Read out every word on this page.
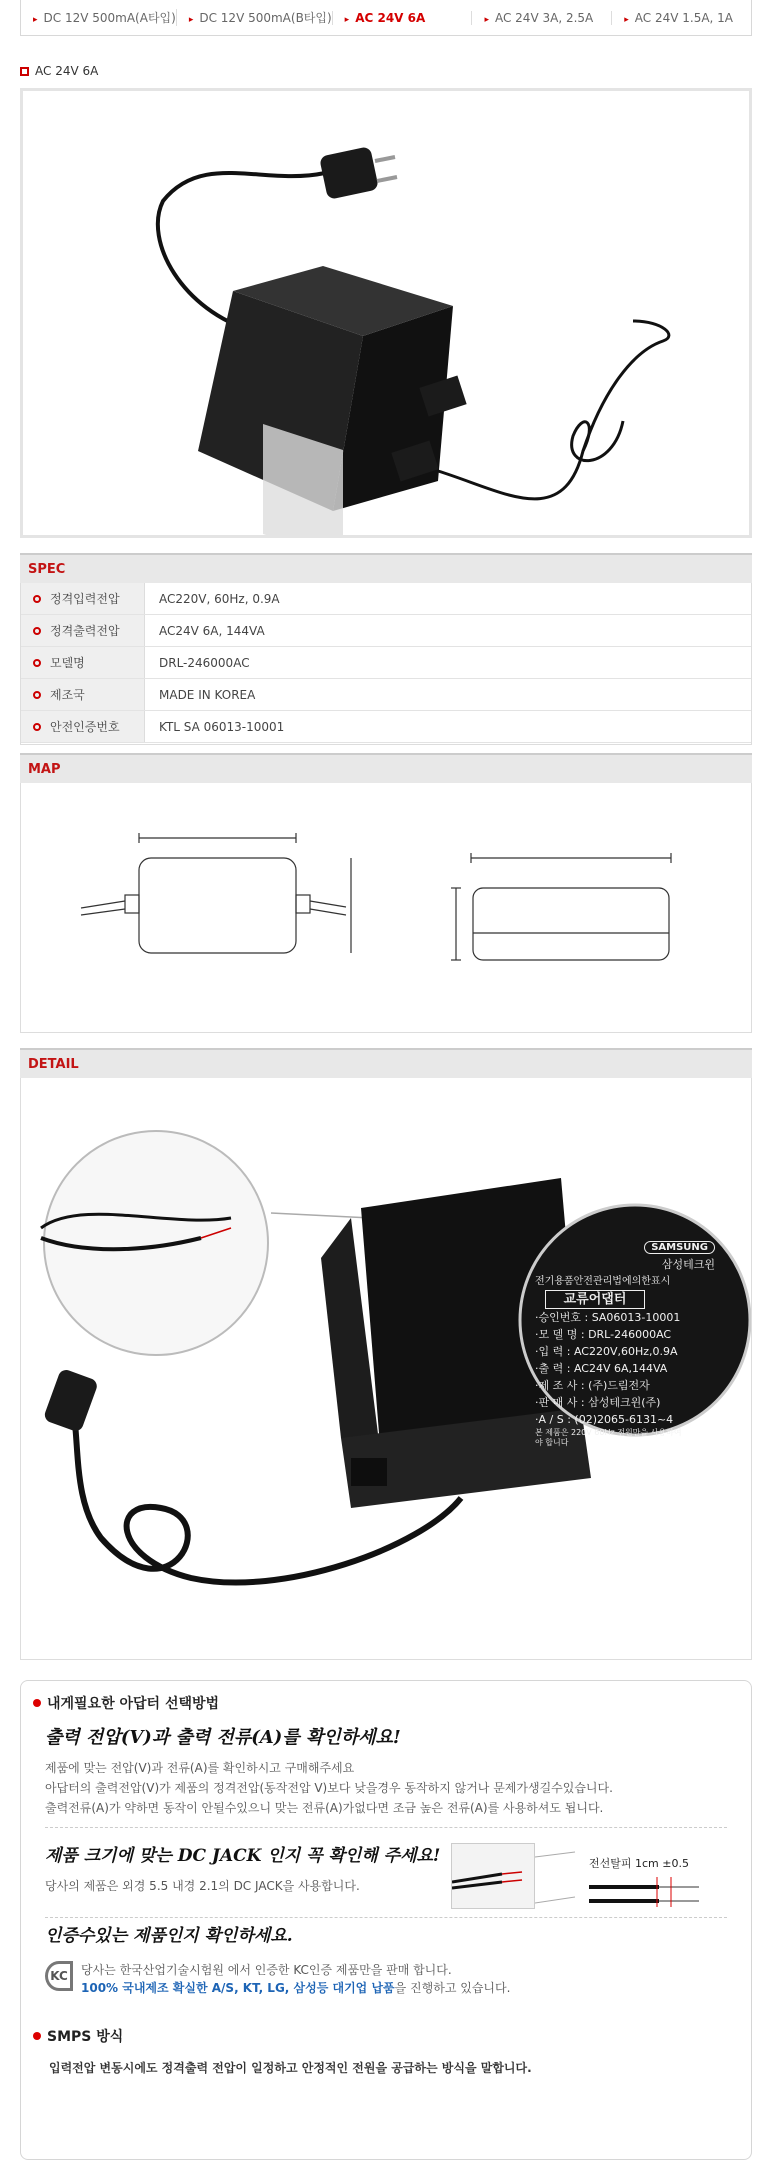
▸ DC 12V 500mA(A타입)	▸ DC 12V 500mA(B타입)	▸ AC 24V 6A	▸ AC 24V 3A, 2.5A	▸ AC 24V 1.5A, 1A
AC 24V 6A
SPEC
정격입력전압	AC220V, 60Hz, 0.9A
정격출력전압	AC24V 6A, 144VA
모델명	DRL-246000AC
제조국	MADE IN KOREA
안전인증번호	KTL SA 06013-10001
MAP
DETAIL
SAMSUNG
삼성테크윈
전기용품안전관리법에의한표시
교류어댑터
·승인번호 : SA06013-10001
·모 델 명 : DRL-246000AC
·입 력 : AC220V,60Hz,0.9A
·출 력 : AC24V 6A,144VA
·제 조 사 : (주)드림전자
·판 매 사 : 삼성테크윈(주)
·A / S : (02)2065-6131~4
본 제품은 220V 60Hz 전원만을 사용하여야 합니다
내게필요한 아답터 선택방법
출력 전압(V)과 출력 전류(A)를 확인하세요!
제품에 맞는 전압(V)과 전류(A)를 확인하시고 구매해주세요
아답터의 출력전압(V)가 제품의 정격전압(동작전압 V)보다 낮을경우 동작하지 않거나 문제가생길수있습니다.
출력전류(A)가 약하면 동작이 안될수있으니 맞는 전류(A)가없다면 조금 높은 전류(A)를 사용하셔도 됩니다.
제품 크기에 맞는 DC JACK 인지 꼭 확인해 주세요!
당사의 제품은 외경 5.5 내경 2.1의 DC JACK을 사용합니다.
전선탈피 1cm ±0.5
인증수있는 제품인지 확인하세요.
KC	당사는 한국산업기술시험원 에서 인증한 KC인증 제품만을 판매 합니다.
100% 국내제조 확실한 A/S, KT, LG, 삼성등 대기업 납품을 진행하고 있습니다.
SMPS 방식
입력전압 변동시에도 정격출력 전압이 일정하고 안정적인 전원을 공급하는 방식을 말합니다.
